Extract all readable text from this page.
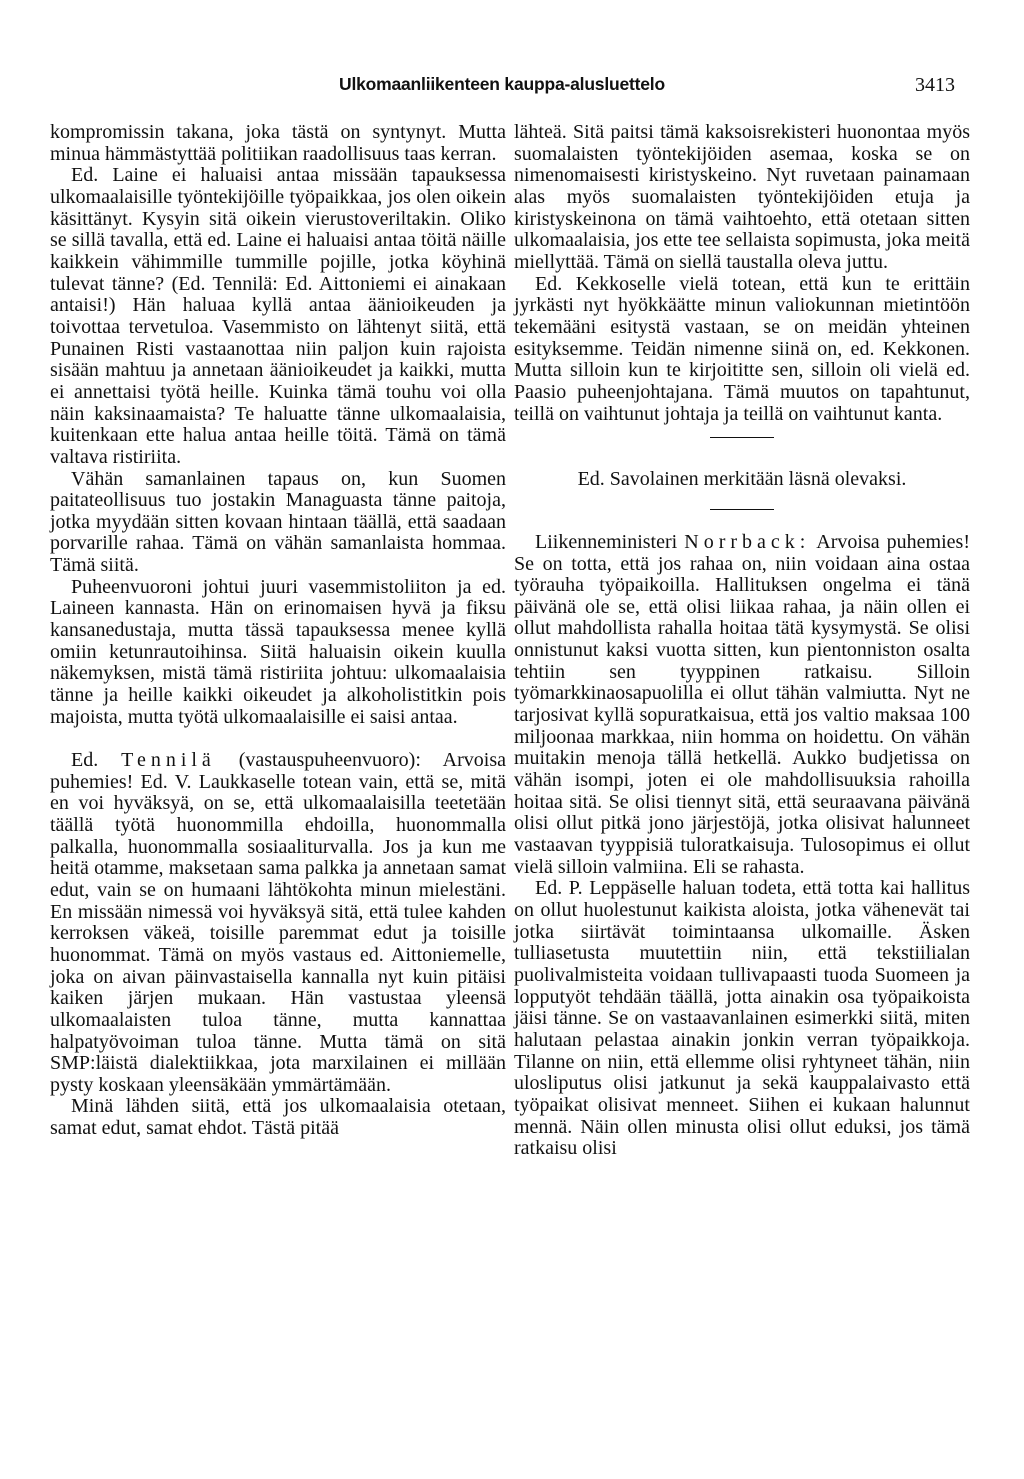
Ulkomaanliikenteen kauppa-alusluettelo	3413

kompromissin takana, joka tästä on syntynyt. Mutta minua hämmästyttää politiikan raadollisuus taas kerran.

Ed. Laine ei haluaisi antaa missään tapauksessa ulkomaalaisille työntekijöille työpaikkaa, jos olen oikein käsittänyt. Kysyin sitä oikein vierustoveriltakin. Oliko se sillä tavalla, että ed. Laine ei haluaisi antaa töitä näille kaikkein vähimmille tummille pojille, jotka köyhinä tulevat tänne? (Ed. Tennilä: Ed. Aittoniemi ei ainakaan antaisi!) Hän haluaa kyllä antaa äänioikeuden ja toivottaa tervetuloa. Vasemmisto on lähtenyt siitä, että Punainen Risti vastaanottaa niin paljon kuin rajoista sisään mahtuu ja annetaan äänioikeudet ja kaikki, mutta ei annettaisi työtä heille. Kuinka tämä touhu voi olla näin kaksinaamaista? Te haluatte tänne ulkomaalaisia, kuitenkaan ette halua antaa heille töitä. Tämä on tämä valtava ristiriita.

Vähän samanlainen tapaus on, kun Suomen paitateollisuus tuo jostakin Managuasta tänne paitoja, jotka myydään sitten kovaan hintaan täällä, että saadaan porvarille rahaa. Tämä on vähän samanlaista hommaa. Tämä siitä.

Puheenvuoroni johtui juuri vasemmistoliiton ja ed. Laineen kannasta. Hän on erinomaisen hyvä ja fiksu kansanedustaja, mutta tässä tapauksessa menee kyllä omiin ketunrautoihinsa. Siitä haluaisin oikein kuulla näkemyksen, mistä tämä ristiriita johtuu: ulkomaalaisia tänne ja heille kaikki oikeudet ja alkoholistitkin pois majoista, mutta työtä ulkomaalaisille ei saisi antaa.

Ed. Tennilä (vastauspuheenvuoro): Arvoisa puhemies! Ed. V. Laukkaselle totean vain, että se, mitä en voi hyväksyä, on se, että ulkomaalaisilla teetetään täällä työtä huonommilla ehdoilla, huonommalla palkalla, huonommalla sosiaaliturvalla. Jos ja kun me heitä otamme, maksetaan sama palkka ja annetaan samat edut, vain se on humaani lähtökohta minun mielestäni. En missään nimessä voi hyväksyä sitä, että tulee kahden kerroksen väkeä, toisille paremmat edut ja toisille huonommat. Tämä on myös vastaus ed. Aittoniemelle, joka on aivan päinvastaisella kannalla nyt kuin pitäisi kaiken järjen mukaan. Hän vastustaa yleensä ulkomaalaisten tuloa tänne, mutta kannattaa halpatyövoiman tuloa tänne. Mutta tämä on sitä SMP:läistä dialektiikkaa, jota marxilainen ei millään pysty koskaan yleensäkään ymmärtämään.

Minä lähden siitä, että jos ulkomaalaisia otetaan, samat edut, samat ehdot. Tästä pitää

lähteä. Sitä paitsi tämä kaksoisrekisteri huonontaa myös suomalaisten työntekijöiden asemaa, koska se on nimenomaisesti kiristyskeino. Nyt ruvetaan painamaan alas myös suomalaisten työntekijöiden etuja ja kiristyskeinona on tämä vaihtoehto, että otetaan sitten ulkomaalaisia, jos ette tee sellaista sopimusta, joka meitä miellyttää. Tämä on siellä taustalla oleva juttu.

Ed. Kekkoselle vielä totean, että kun te erittäin jyrkästi nyt hyökkäätte minun valiokunnan mietintöön tekemääni esitystä vastaan, se on meidän yhteinen esityksemme. Teidän nimenne siinä on, ed. Kekkonen. Mutta silloin kun te kirjoititte sen, silloin oli vielä ed. Paasio puheenjohtajana. Tämä muutos on tapahtunut, teillä on vaihtunut johtaja ja teillä on vaihtunut kanta.

Ed. Savolainen merkitään läsnä olevaksi.

Liikenneministeri Norrback: Arvoisa puhemies! Se on totta, että jos rahaa on, niin voidaan aina ostaa työrauha työpaikoilla. Hallituksen ongelma ei tänä päivänä ole se, että olisi liikaa rahaa, ja näin ollen ei ollut mahdollista rahalla hoitaa tätä kysymystä. Se olisi onnistunut kaksi vuotta sitten, kun pientonniston osalta tehtiin sen tyyppinen ratkaisu. Silloin työmarkkinaosapuolilla ei ollut tähän valmiutta. Nyt ne tarjosivat kyllä sopuratkaisua, että jos valtio maksaa 100 miljoonaa markkaa, niin homma on hoidettu. On vähän muitakin menoja tällä hetkellä. Aukko budjetissa on vähän isompi, joten ei ole mahdollisuuksia rahoilla hoitaa sitä. Se olisi tiennyt sitä, että seuraavana päivänä olisi ollut pitkä jono järjestöjä, jotka olisivat halunneet vastaavan tyyppisiä tuloratkaisuja. Tulosopimus ei ollut vielä silloin valmiina. Eli se rahasta.

Ed. P. Leppäselle haluan todeta, että totta kai hallitus on ollut huolestunut kaikista aloista, jotka vähenevät tai jotka siirtävät toimintaansa ulkomaille. Äsken tulliasetusta muutettiin niin, että tekstiilialan puolivalmisteita voidaan tullivapaasti tuoda Suomeen ja lopputyöt tehdään täällä, jotta ainakin osa työpaikoista jäisi tänne. Se on vastaavanlainen esimerkki siitä, miten halutaan pelastaa ainakin jonkin verran työpaikkoja. Tilanne on niin, että ellemme olisi ryhtyneet tähän, niin ulosliputus olisi jatkunut ja sekä kauppalaivasto että työpaikat olisivat menneet. Siihen ei kukaan halunnut mennä. Näin ollen minusta olisi ollut eduksi, jos tämä ratkaisu olisi
